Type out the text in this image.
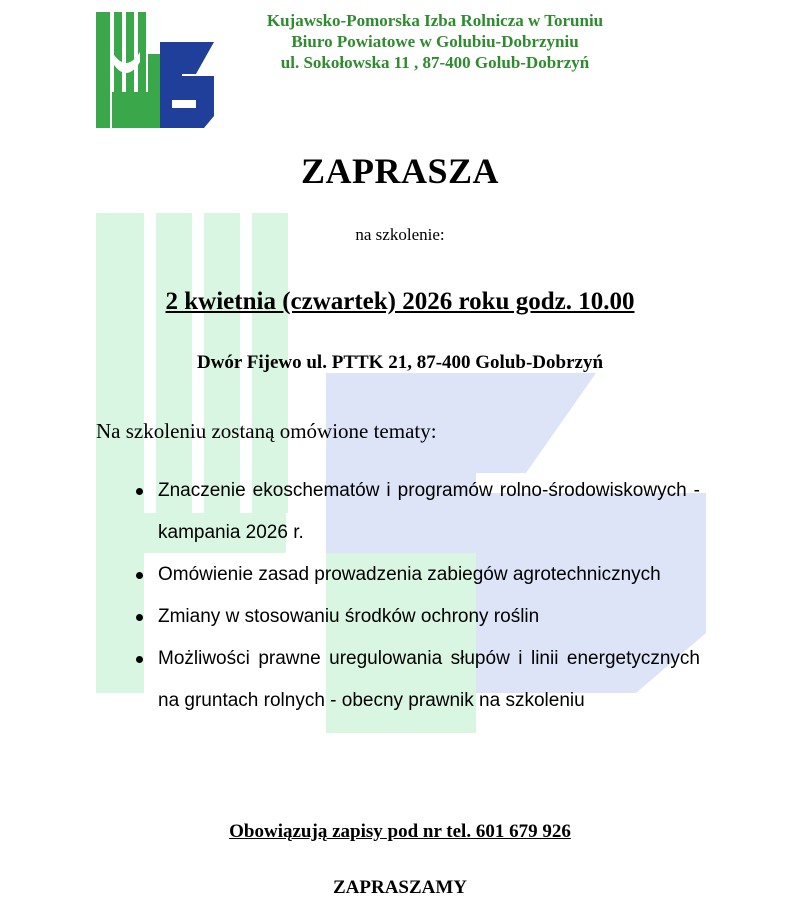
Kujawsko-Pomorska Izba Rolnicza w Toruniu
Biuro Powiatowe w Golubiu-Dobrzyniu
ul. Sokołowska 11 , 87-400 Golub-Dobrzyń
ZAPRASZA
na szkolenie:
2 kwietnia (czwartek) 2026 roku godz. 10.00
Dwór Fijewo ul. PTTK 21, 87-400 Golub-Dobrzyń
Na szkoleniu zostaną omówione tematy:
Znaczenie ekoschematów i programów rolno-środowiskowych - kampania 2026 r.
Omówienie zasad prowadzenia zabiegów agrotechnicznych
Zmiany w stosowaniu środków ochrony roślin
Możliwości prawne uregulowania słupów i linii energetycznych na gruntach rolnych - obecny prawnik na szkoleniu
Obowiązują zapisy pod nr tel. 601 679 926
ZAPRASZAMY
